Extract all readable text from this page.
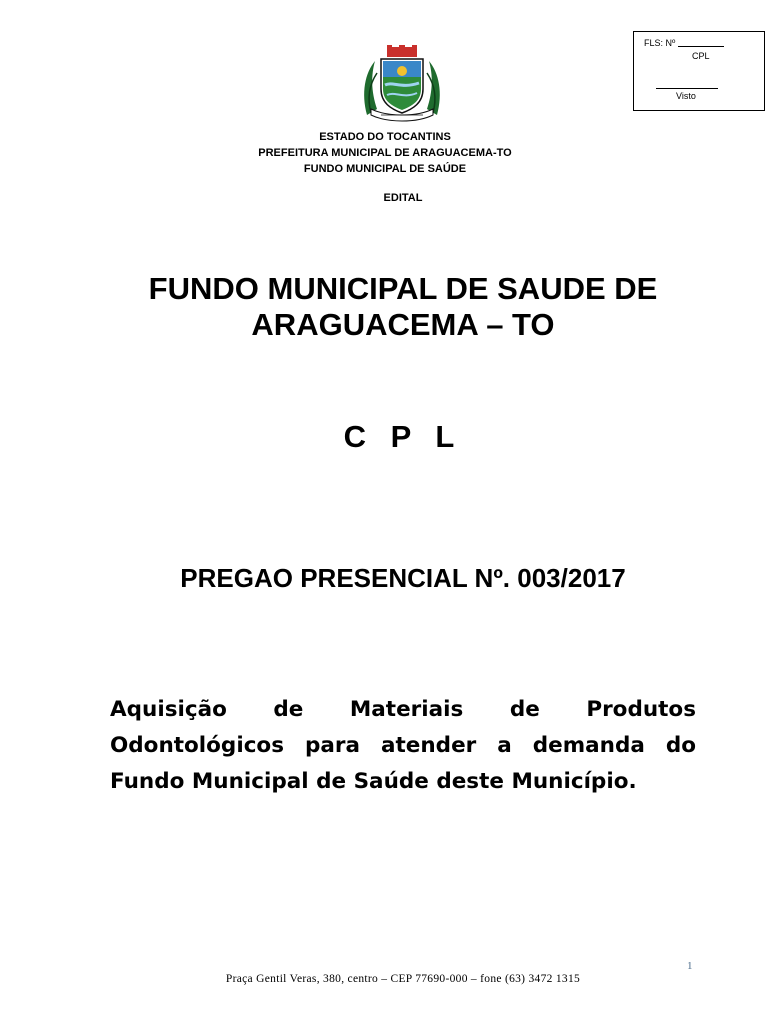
ESTADO DO TOCANTINS
PREFEITURA MUNICIPAL DE ARAGUACEMA-TO
FUNDO MUNICIPAL DE SAÚDE
FLS: Nº
CPL
Visto
EDITAL
FUNDO MUNICIPAL DE SAUDE DE ARAGUACEMA – TO
C P L
PREGAO PRESENCIAL Nº. 003/2017
Aquisição de Materiais de Produtos Odontológicos para atender a demanda do Fundo Municipal de Saúde deste Município.
1
Praça Gentil Veras, 380, centro – CEP 77690-000 – fone (63) 3472 1315
